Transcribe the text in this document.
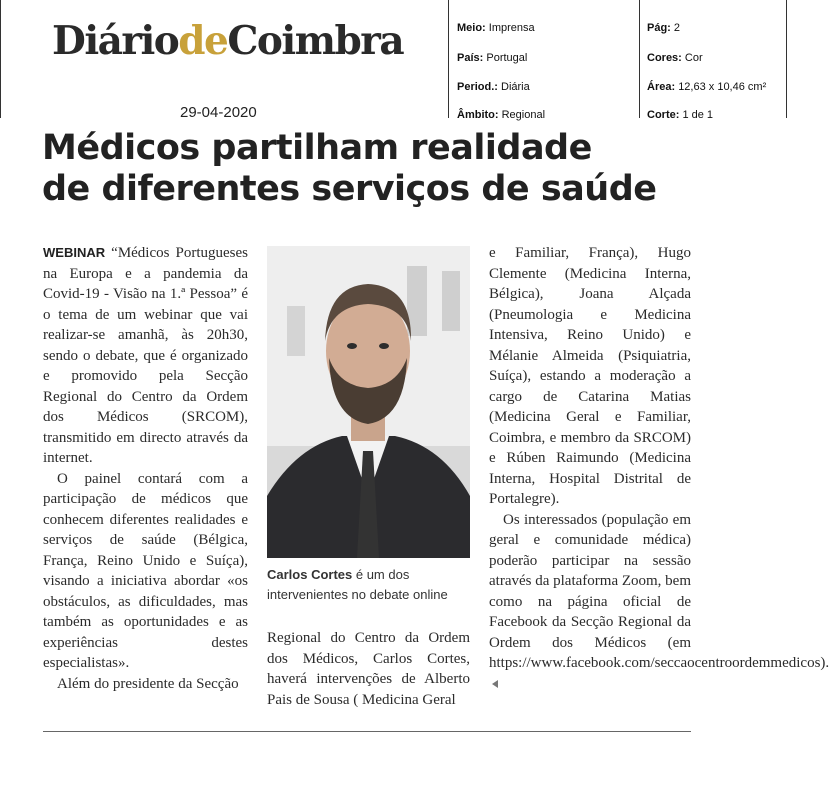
DiáriodeCoimbra
29-04-2020
Meio: Imprensa
País: Portugal
Period.: Diária
Âmbito: Regional
Pág: 2
Cores: Cor
Área: 12,63 x 10,46 cm²
Corte: 1 de 1
Médicos partilham realidade
de diferentes serviços de saúde

WEBINAR “Médicos Portugueses na Europa e a pandemia da Covid-19 - Visão na 1.ª Pessoa” é o tema de um webinar que vai realizar-se amanhã, às 20h30, sendo o debate, que é organizado e promovido pela Secção Regional do Centro da Ordem dos Médicos (SRCOM), transmitido em directo através da internet.

O painel contará com a participação de médicos que conhecem diferentes realidades e serviços de saúde (Bélgica, França, Reino Unido e Suíça), visando a iniciativa abordar «os obstáculos, as dificuldades, mas também as oportunidades e as experiências destes especialistas».

Além do presidente da Secção

Carlos Cortes é um dos intervenientes no debate online

Regional do Centro da Ordem dos Médicos, Carlos Cortes, haverá intervenções de Alberto Pais de Sousa ( Medicina Geral

e Familiar, França), Hugo Clemente (Medicina Interna, Bélgica), Joana Alçada (Pneumologia e Medicina Intensiva, Reino Unido) e Mélanie Almeida (Psiquiatria, Suíça), estando a moderação a cargo de Catarina Matias (Medicina Geral e Familiar, Coimbra, e membro da SRCOM) e Rúben Raimundo (Medicina Interna, Hospital Distrital de Portalegre).

Os interessados (população em geral e comunidade médica) poderão participar na sessão através da plataforma Zoom, bem como na página oficial de Facebook da Secção Regional da Ordem dos Médicos (em https://www.facebook.com/seccaocentroordemmedicos).
